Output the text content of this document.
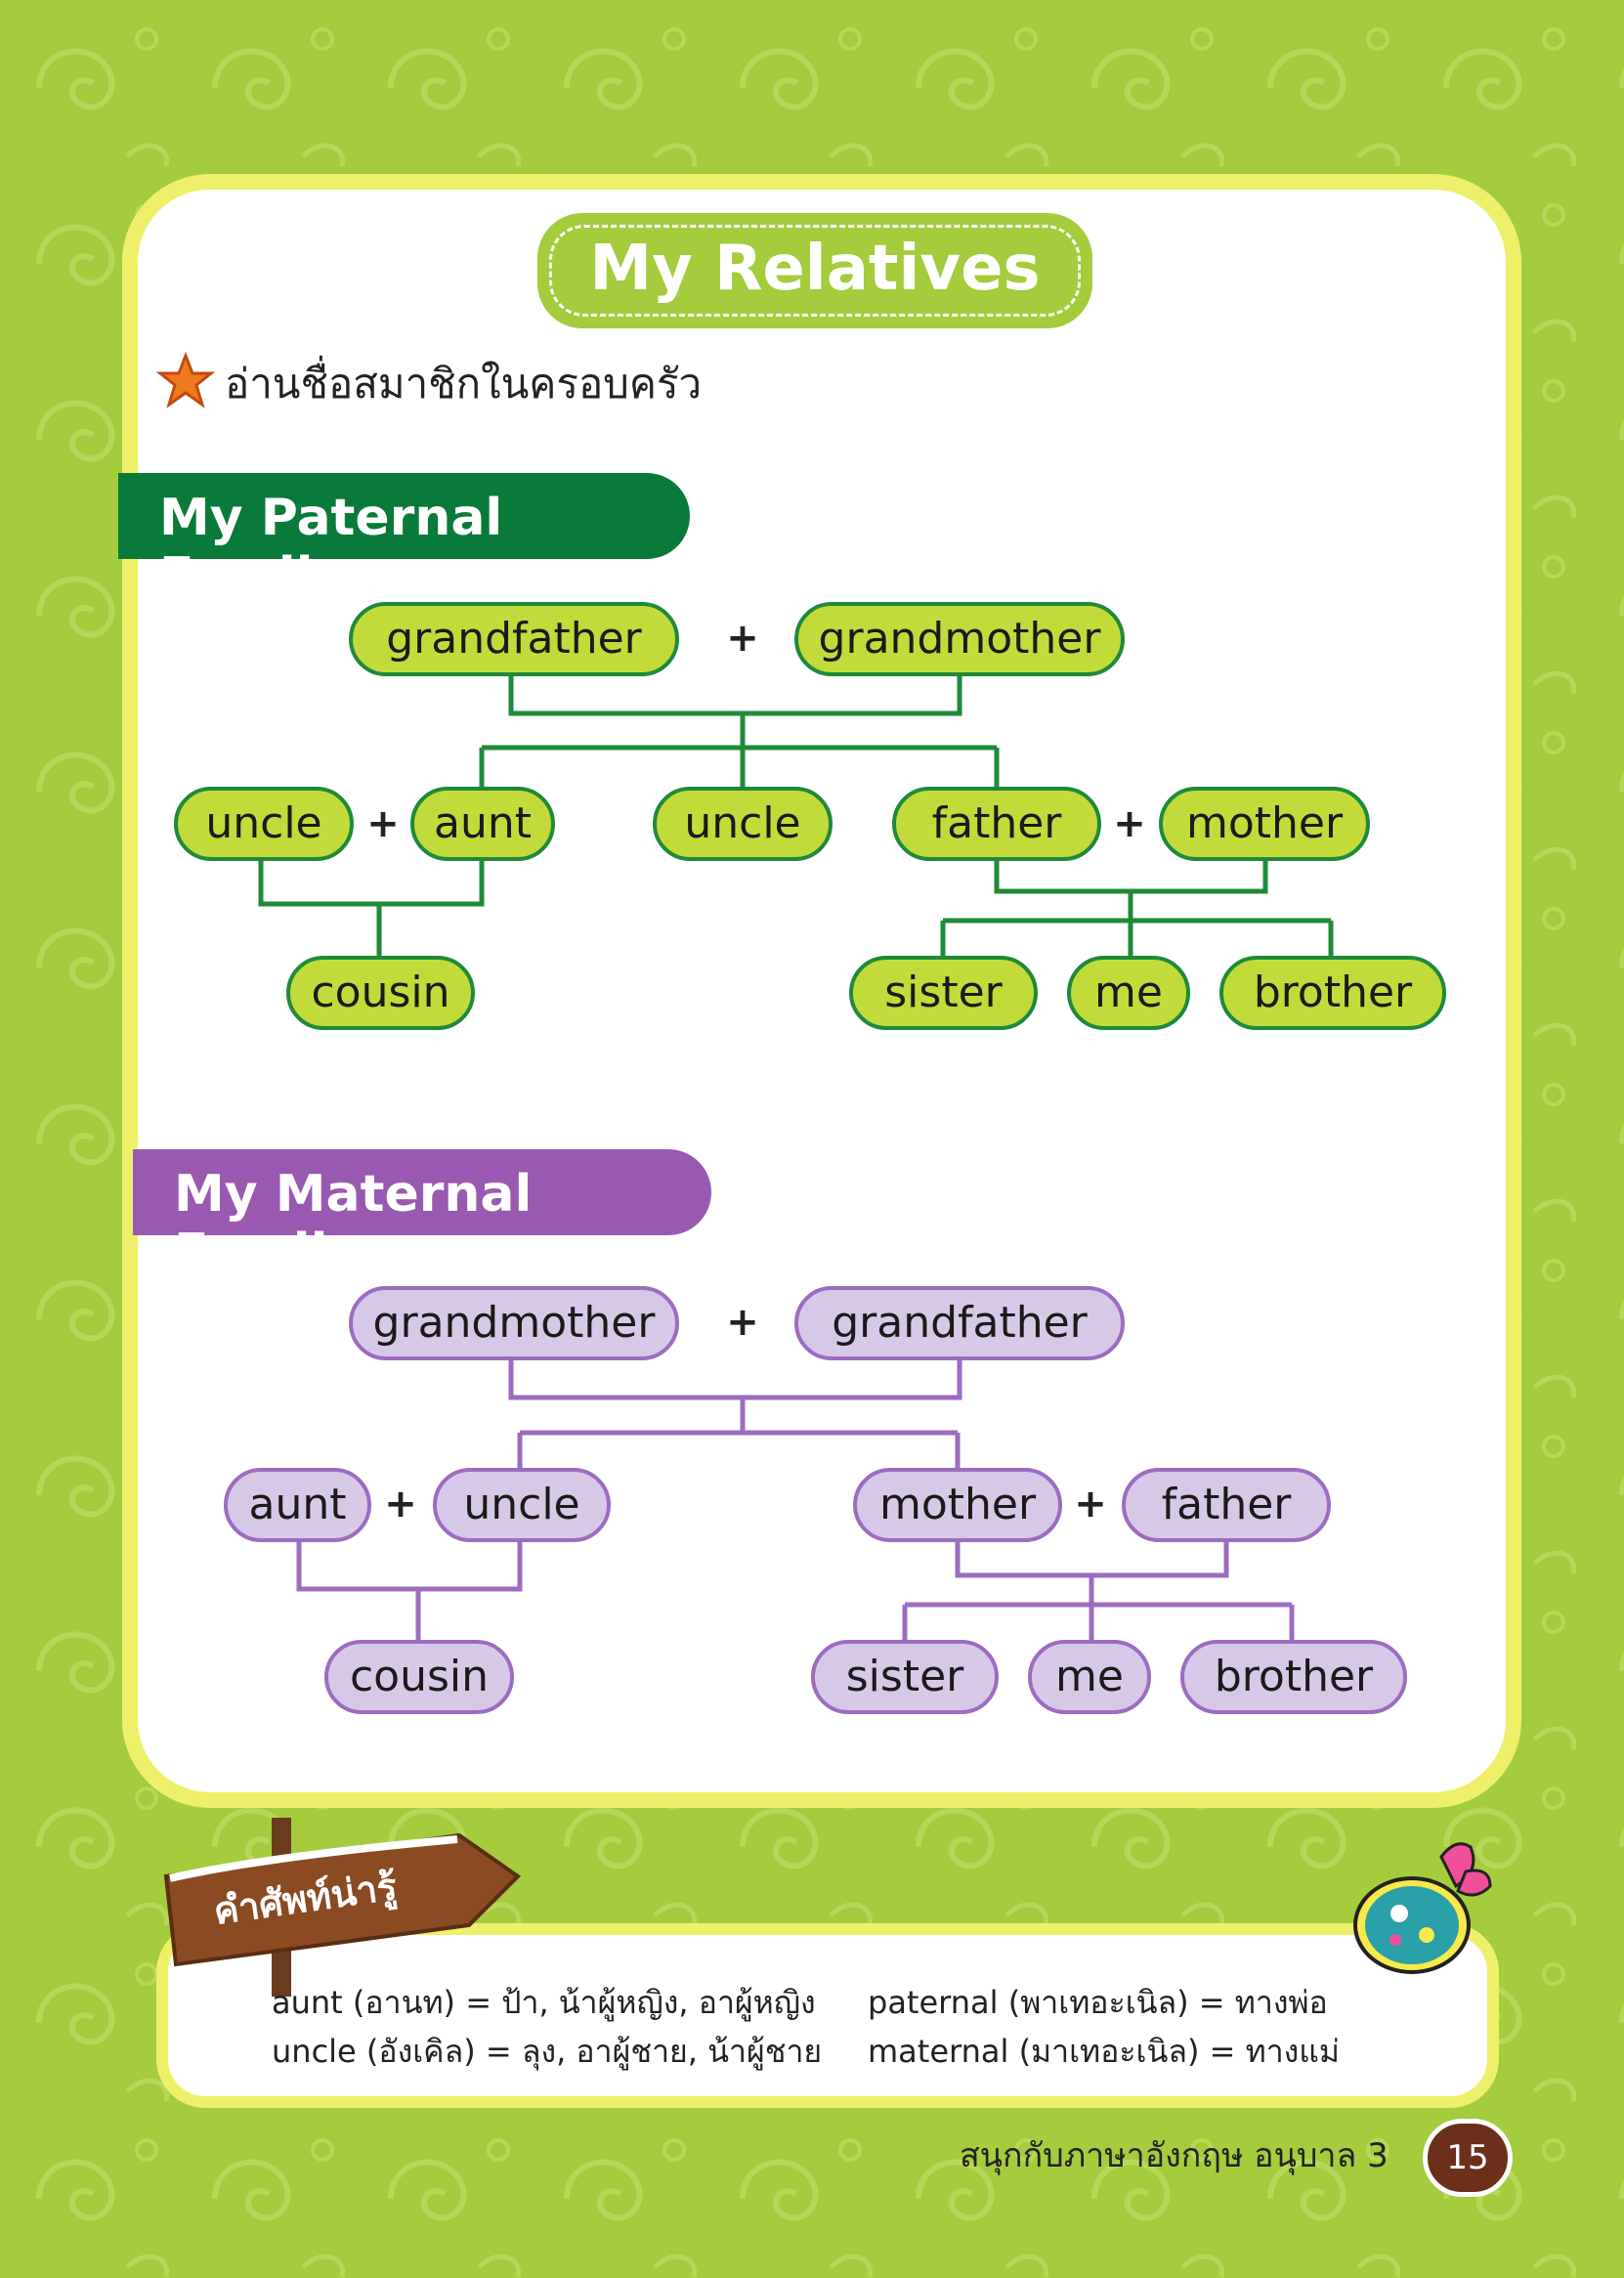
My Relatives
อ่านชื่อสมาชิกในครอบครัว
My Paternal Family
My Maternal Family
grandfather	+	grandmother
uncle	+ aunt	uncle	father	+ mother
cousin	sister	me	brother
grandmother	+	grandfather
aunt +	uncle	mother +	father
cousin	sister	me	brother
คำศัพท์น่ารู้
aunt (อานท) = ป้า, น้าผู้หญิง, อาผู้หญิง
uncle (อังเคิล) = ลุง, อาผู้ชาย, น้าผู้ชาย
paternal (พาเทอะเนิล) = ทางพ่อ
maternal (มาเทอะเนิล) = ทางแม่
สนุกกับภาษาอังกฤษ อนุบาล 3	15
